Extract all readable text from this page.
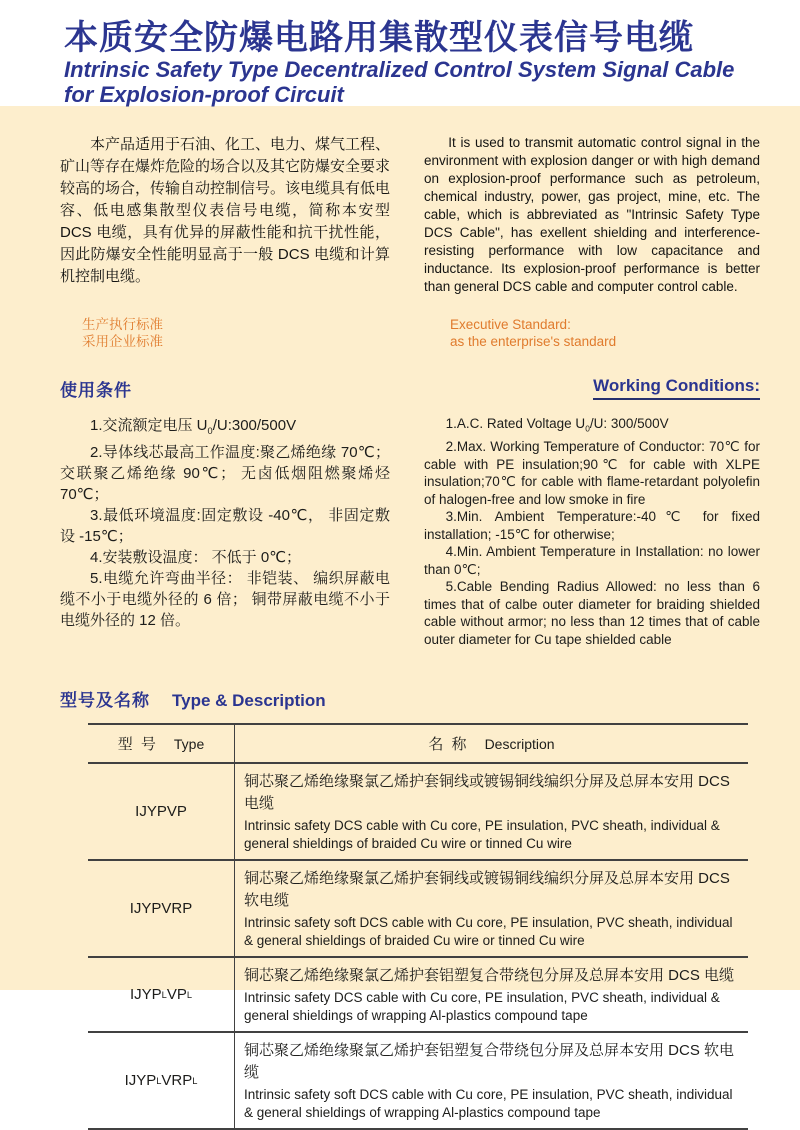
本质安全防爆电路用集散型仪表信号电缆
Intrinsic Safety Type Decentralized Control System Signal Cable
for Explosion-proof Circuit
本产品适用于石油、化工、电力、煤气工程、矿山等存在爆炸危险的场合以及其它防爆安全要求较高的场合，传输自动控制信号。该电缆具有低电容、低电感集散型仪表信号电缆，简称本安型 DCS 电缆，具有优异的屏蔽性能和抗干扰性能，因此防爆安全性能明显高于一般 DCS 电缆和计算机控制电缆。
It is used to transmit automatic control signal in the environment with explosion danger or with high demand on explosion-proof performance such as petroleum, chemical industry, power, gas project, mine, etc. The cable, which is abbreviated as "Intrinsic Safety Type DCS Cable", has exellent shielding and interference-resisting performance with low capacitance and inductance. Its explosion-proof performance is better than general DCS cable and computer control cable.

生产执行标准

采用企业标准

Executive Standard:

as the enterprise's standard

使用条件	Working Conditions:

1.交流额定电压 $U_0/U:300/500V$

2.导体线芯最高工作温度:聚乙烯绝缘 70℃； 交联聚乙烯绝缘 90℃； 无卤低烟阻燃聚烯烃 70℃；

3.最低环境温度:固定敷设 -40℃， 非固定敷设 -15℃；

4.安装敷设温度： 不低于 0℃；

5.电缆允许弯曲半径： 非铠装、 编织屏蔽电缆不小于电缆外径的 6 倍； 铜带屏蔽电缆不小于电缆外径的 12 倍。

1.A.C. Rated Voltage $U_0/U$: 300/500V

2.Max. Working Temperature of Conductor: 70℃ for cable with PE insulation;90℃ for cable with XLPE insulation;70℃ for cable with flame-retardant polyolefin of halogen-free and low smoke in fire

3.Min. Ambient Temperature:-40℃ for fixed installation; -15℃ for otherwise;

4.Min. Ambient Temperature in Installation: no lower than 0℃;

5.Cable Bending Radius Allowed: no less than 6 times that of calbe outer diameter for braiding shielded cable without armor; no less than 12 times that of cable outer diameter for Cu tape shielded cable

型号及名称 Type & Description
型 号 Type	名 称 Description
IJYPVP
铜芯聚乙烯绝缘聚氯乙烯护套铜线或镀锡铜线编织分屏及总屏本安用 DCS 电缆
Intrinsic safety DCS cable with Cu core, PE insulation, PVC sheath, individual & general shieldings of braided Cu wire or tinned Cu wire
IJYPVRP
铜芯聚乙烯绝缘聚氯乙烯护套铜线或镀锡铜线编织分屏及总屏本安用 DCS 软电缆
Intrinsic safety soft DCS cable with Cu core, PE insulation, PVC sheath, individual & general shieldings of braided Cu wire or tinned Cu wire
IJYP L VP L
铜芯聚乙烯绝缘聚氯乙烯护套铝塑复合带绕包分屏及总屏本安用 DCS 电缆
Intrinsic safety DCS cable with Cu core, PE insulation, PVC sheath, individual & general shieldings of wrapping Al-plastics compound tape
IJYP L VRP L
铜芯聚乙烯绝缘聚氯乙烯护套铝塑复合带绕包分屏及总屏本安用 DCS 软电缆
Intrinsic safety soft DCS cable with Cu core, PE insulation, PVC sheath, individual & general shieldings of wrapping Al-plastics compound tape
